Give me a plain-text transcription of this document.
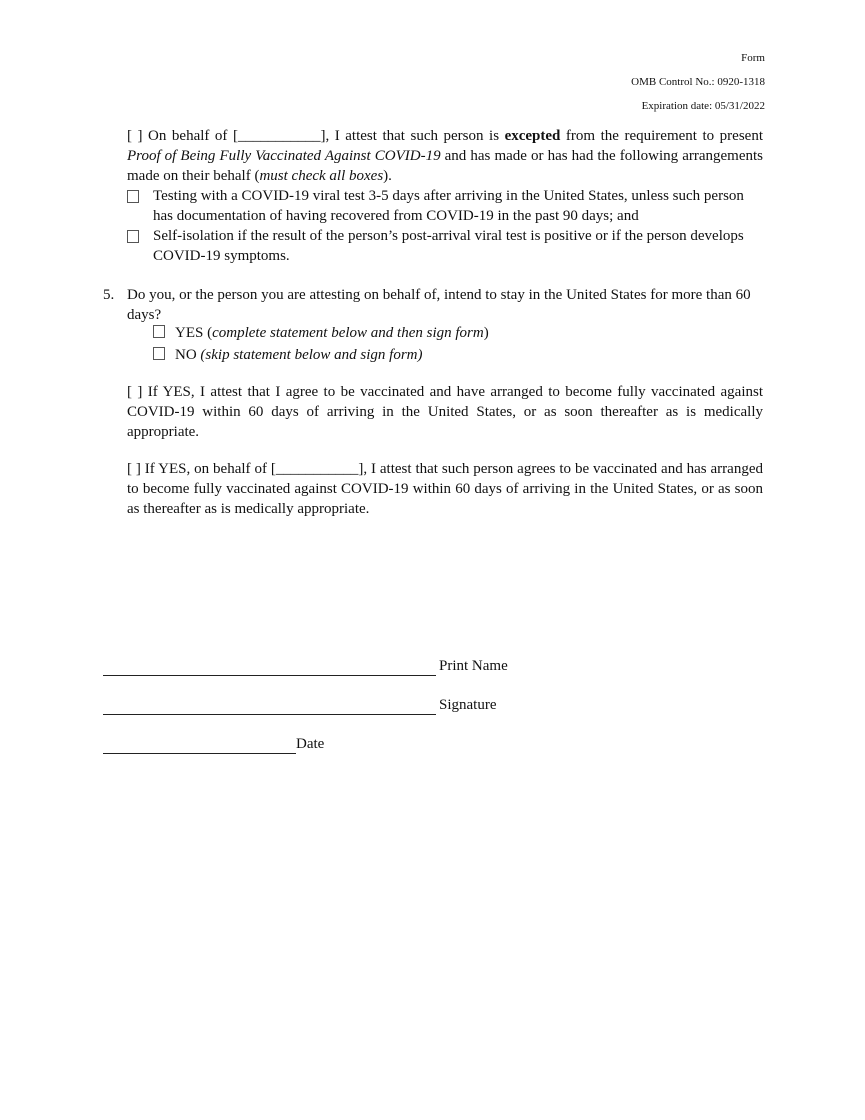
Form
OMB Control No.: 0920-1318
Expiration date: 05/31/2022
[ ] On behalf of [___________], I attest that such person is excepted from the requirement to present Proof of Being Fully Vaccinated Against COVID-19 and has made or has had the following arrangements made on their behalf (must check all boxes).
Testing with a COVID-19 viral test 3-5 days after arriving in the United States, unless such person has documentation of having recovered from COVID-19 in the past 90 days; and
Self-isolation if the result of the person’s post-arrival viral test is positive or if the person develops COVID-19 symptoms.
5. Do you, or the person you are attesting on behalf of, intend to stay in the United States for more than 60 days?
YES (complete statement below and then sign form)
NO (skip statement below and sign form)
[ ] If YES, I attest that I agree to be vaccinated and have arranged to become fully vaccinated against COVID-19 within 60 days of arriving in the United States, or as soon thereafter as is medically appropriate.
[ ] If YES, on behalf of [___________], I attest that such person agrees to be vaccinated and has arranged to become fully vaccinated against COVID-19 within 60 days of arriving in the United States, or as soon as thereafter as is medically appropriate.
Print Name
Signature
Date
